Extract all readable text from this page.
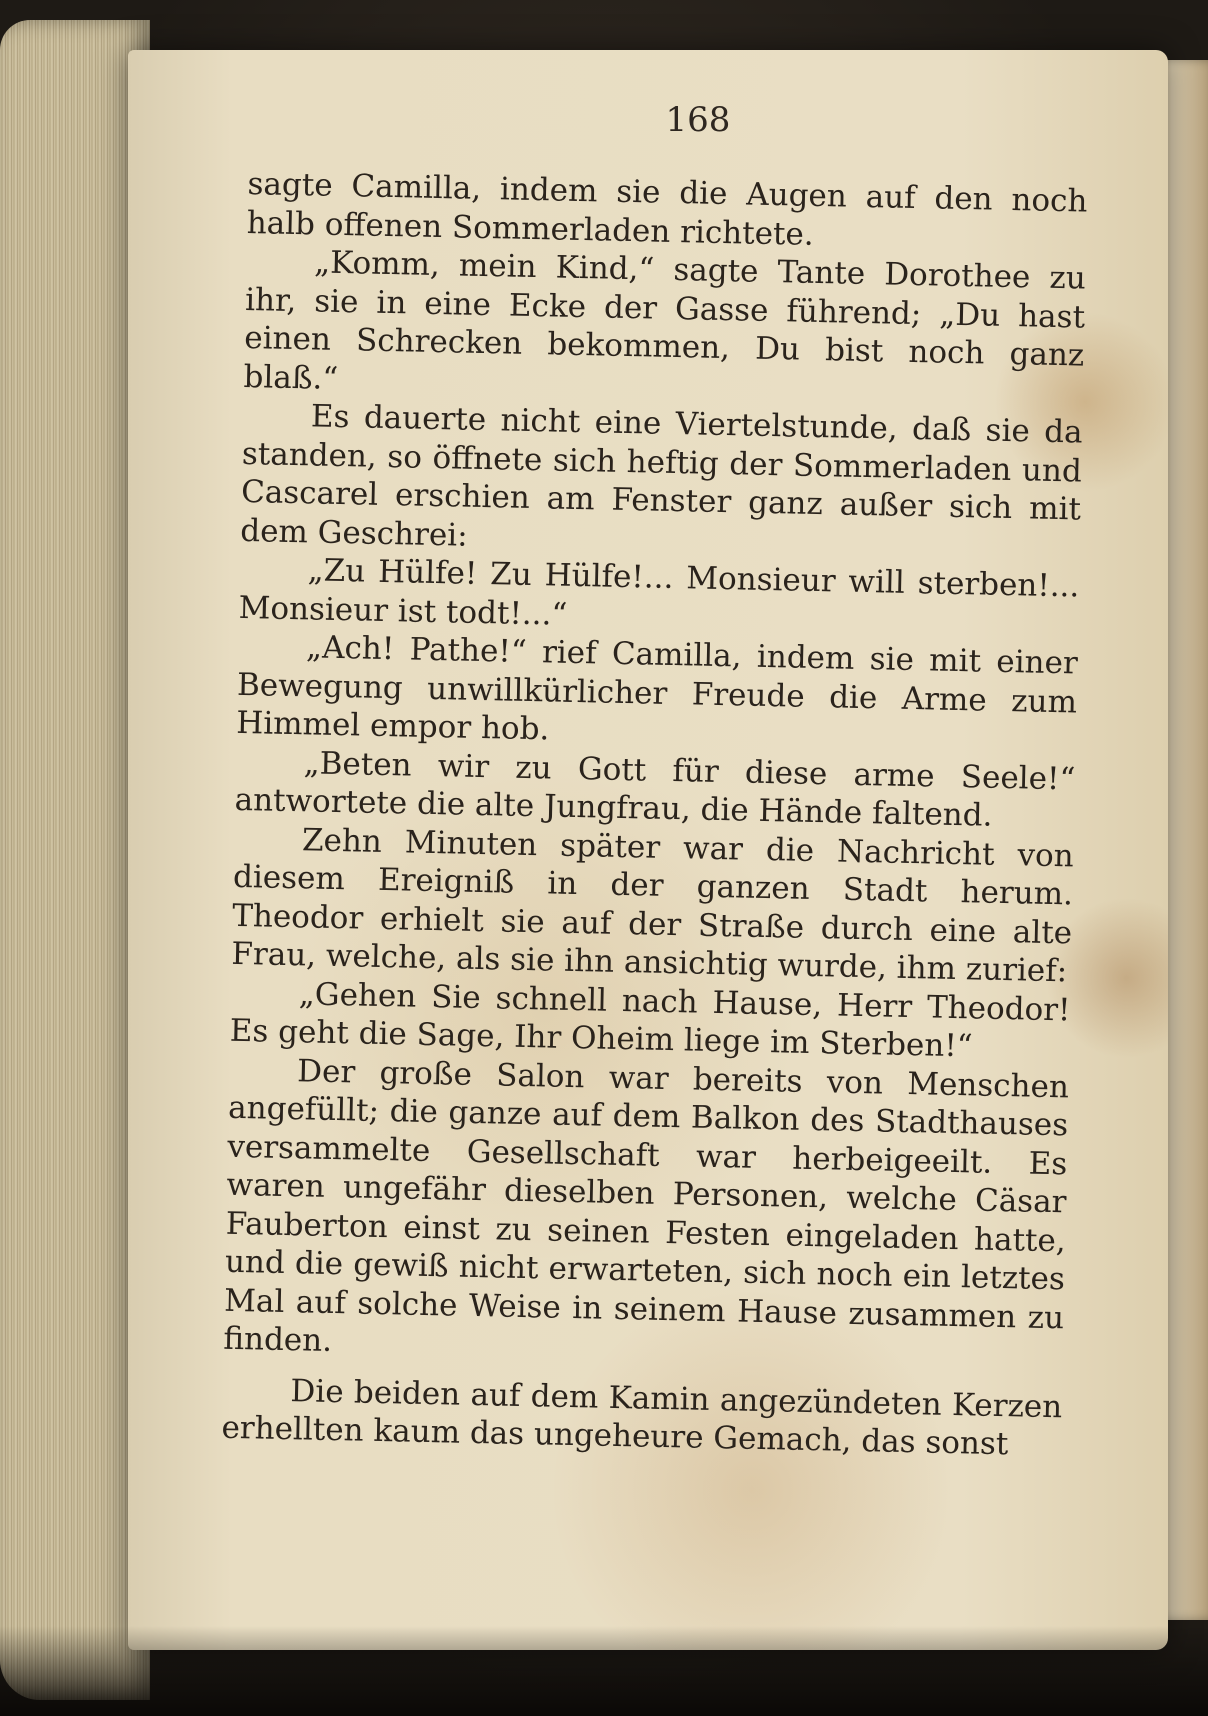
168

sagte Camilla, indem sie die Augen auf den noch halb offenen Sommerladen richtete.

„Komm, mein Kind,“ sagte Tante Dorothee zu ihr, sie in eine Ecke der Gasse führend; „Du hast einen Schrecken bekommen, Du bist noch ganz blaß.“

Es dauerte nicht eine Viertelstunde, daß sie da standen, so öffnete sich heftig der Sommerladen und Cascarel erschien am Fenster ganz außer sich mit dem Geschrei:

„Zu Hülfe! Zu Hülfe!... Monsieur will sterben!... Monsieur ist todt!...“

„Ach! Pathe!“ rief Camilla, indem sie mit einer Bewegung unwillkürlicher Freude die Arme zum Himmel empor hob.

„Beten wir zu Gott für diese arme Seele!“ antwortete die alte Jungfrau, die Hände faltend.

Zehn Minuten später war die Nachricht von diesem Ereigniß in der ganzen Stadt herum. Theodor erhielt sie auf der Straße durch eine alte Frau, welche, als sie ihn ansichtig wurde, ihm zurief:

„Gehen Sie schnell nach Hause, Herr Theodor! Es geht die Sage, Ihr Oheim liege im Sterben!“

Der große Salon war bereits von Menschen angefüllt; die ganze auf dem Balkon des Stadthauses versammelte Gesellschaft war herbeigeeilt. Es waren ungefähr dieselben Personen, welche Cäsar Fauberton einst zu seinen Festen eingeladen hatte, und die gewiß nicht erwarteten, sich noch ein letztes Mal auf solche Weise in seinem Hause zusammen zu finden.

Die beiden auf dem Kamin angezündeten Kerzen erhellten kaum das ungeheure Gemach, das sonst
